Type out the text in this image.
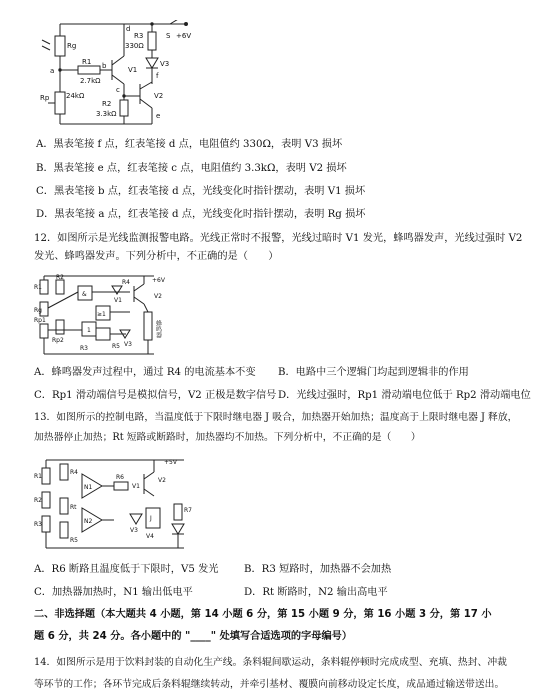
d
Rg
R1
2.7kΩ
a	V1
b
R3
330Ω
S +6V
V3
f
Rp 24kΩ
c
R2
3.3kΩ
V2
e
A．黑表笔接 f 点，红表笔接 d 点，电阻值约 330Ω，表明 V3 损坏
B．黑表笔接 e 点，红表笔接 c 点，电阻值约 3.3kΩ，表明 V2 损坏
C．黑表笔接 b 点，红表笔接 d 点，光线变化时指针摆动，表明 V1 损坏
D．黑表笔接 a 点，红表笔接 d 点，光线变化时指针摆动，表明 Rg 损坏
12．如图所示是光线监测报警电路。光线正常时不报警，光线过暗时 V1 发光，蜂鸣器发声，光线过强时 V2
发光、蜂鸣器发声。下列分析中，不正确的是（　　）
R1
R2
R3
R4
R5
Rg
Rp1
Rp2
V1
V2
V3
+6V
&
≥1
1	蜂鸣器
A．蜂鸣器发声过程中，通过 R4 的电流基本不变 B．电路中三个逻辑门均起到逻辑非的作用
C．Rp1 滑动端信号是模拟信号，V2 正极是数字信号 D．光线过强时，Rp1 滑动端电位低于 Rp2 滑动端电位
13．如图所示的控制电路，当温度低于下限时继电器 J 吸合，加热器开始加热；温度高于上限时继电器 J 释放，
加热器停止加热；Rt 短路或断路时，加热器均不加热。下列分析中，不正确的是（　　）
R1
R2
R3
R4
R5
R6
R7
Rt
N1
N2
V1
V2
V3
V4
J
+5V
A．R6 断路且温度低于下限时，V5 发光	B．R3 短路时，加热器不会加热
C．加热器加热时，N1 输出低电平	D．Rt 断路时，N2 输出高电平
二、非选择题（本大题共 4 小题，第 14 小题 6 分，第 15 小题 9 分，第 16 小题 3 分，第 17 小
题 6 分，共 24 分。各小题中的 "____" 处填写合适选项的字母编号）
14．如图所示是用于饮料封装的自动化生产线。条料辊间歇运动，条料辊停顿时完成成型、充填、热封、冲裁
等环节的工作；各环节完成后条料辊继续转动，并牵引基材、覆膜向前移动设定长度，成品通过输送带送出。
